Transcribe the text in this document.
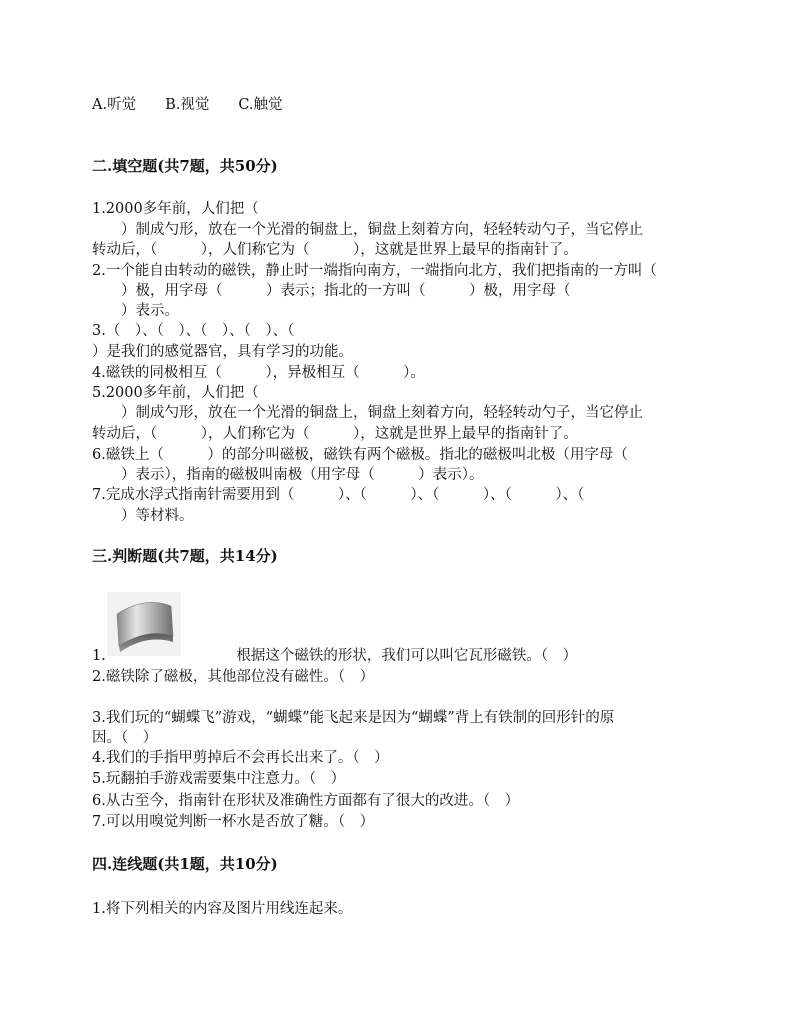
A.听觉　　B.视觉　　C.触觉
二.填空题(共7题，共50分)
1.2000多年前，人们把（
　　）制成勺形，放在一个光滑的铜盘上，铜盘上刻着方向，轻轻转动勺子，当它停止
转动后，（　　　），人们称它为（　　　），这就是世界上最早的指南针了。
2.一个能自由转动的磁铁，静止时一端指向南方，一端指向北方，我们把指南的一方叫（
　　）极，用字母（　　　）表示；指北的一方叫（　　　）极，用字母（
　　）表示。
3.（　）、（　）、（　）、（　）、（
）是我们的感觉器官，具有学习的功能。
4.磁铁的同极相互（　　　），异极相互（　　　）。
5.2000多年前，人们把（
　　）制成勺形，放在一个光滑的铜盘上，铜盘上刻着方向，轻轻转动勺子，当它停止
转动后，（　　　），人们称它为（　　　），这就是世界上最早的指南针了。
6.磁铁上（　　　）的部分叫磁极，磁铁有两个磁极。指北的磁极叫北极（用字母（
　　）表示），指南的磁极叫南极（用字母（　　　）表示）。
7.完成水浮式指南针需要用到（　　　）、（　　　）、（　　　）、（　　　）、（
　　）等材料。
三.判断题(共7题，共14分)
1.　　　　　　　　　根据这个磁铁的形状，我们可以叫它瓦形磁铁。（　）
2.磁铁除了磁极，其他部位没有磁性。（　）
3.我们玩的“蝴蝶飞”游戏，“蝴蝶”能飞起来是因为“蝴蝶”背上有铁制的回形针的原
因。（　）
4.我们的手指甲剪掉后不会再长出来了。（　）
5.玩翻拍手游戏需要集中注意力。（　）
6.从古至今，指南针在形状及准确性方面都有了很大的改进。（　）
7.可以用嗅觉判断一杯水是否放了糖。（　）
四.连线题(共1题，共10分)
1.将下列相关的内容及图片用线连起来。
